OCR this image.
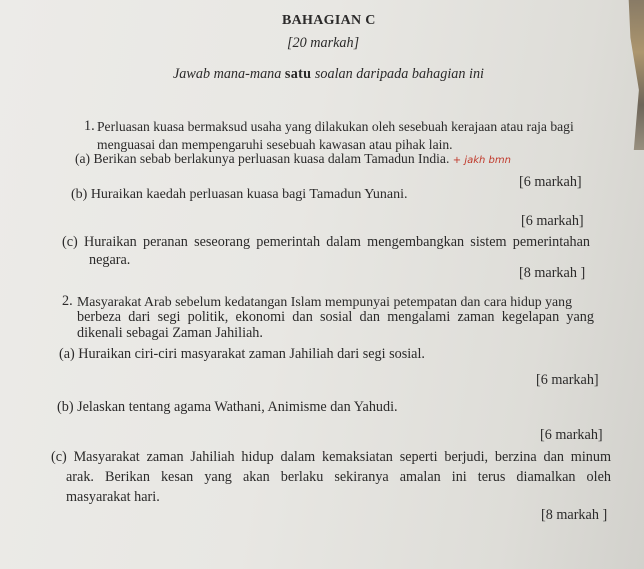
BAHAGIAN C
[20 markah]
Jawab mana-mana satu soalan daripada bahagian ini
1. Perluasan kuasa bermaksud usaha yang dilakukan oleh sesebuah kerajaan atau raja bagi
menguasai dan mempengaruhi sesebuah kawasan atau pihak lain.
(a) Berikan sebab berlakunya perluasan kuasa dalam Tamadun India. + jakh bmn
[6 markah]
(b) Huraikan kaedah perluasan kuasa bagi Tamadun Yunani.
[6 markah]
(c) Huraikan peranan seseorang pemerintah dalam mengembangkan sistem pemerintahan
negara.
[8 markah ]
2. Masyarakat Arab sebelum kedatangan Islam mempunyai petempatan dan cara hidup yang
berbeza dari segi politik, ekonomi dan sosial dan mengalami zaman kegelapan yang
dikenali sebagai Zaman Jahiliah.
(a) Huraikan ciri-ciri masyarakat zaman Jahiliah dari segi sosial.
[6 markah]
(b) Jelaskan tentang agama Wathani, Animisme dan Yahudi.
[6 markah]
(c) Masyarakat zaman Jahiliah hidup dalam kemaksiatan seperti berjudi, berzina dan minum
arak. Berikan kesan yang akan berlaku sekiranya amalan ini terus diamalkan oleh
masyarakat hari.
[8 markah ]
